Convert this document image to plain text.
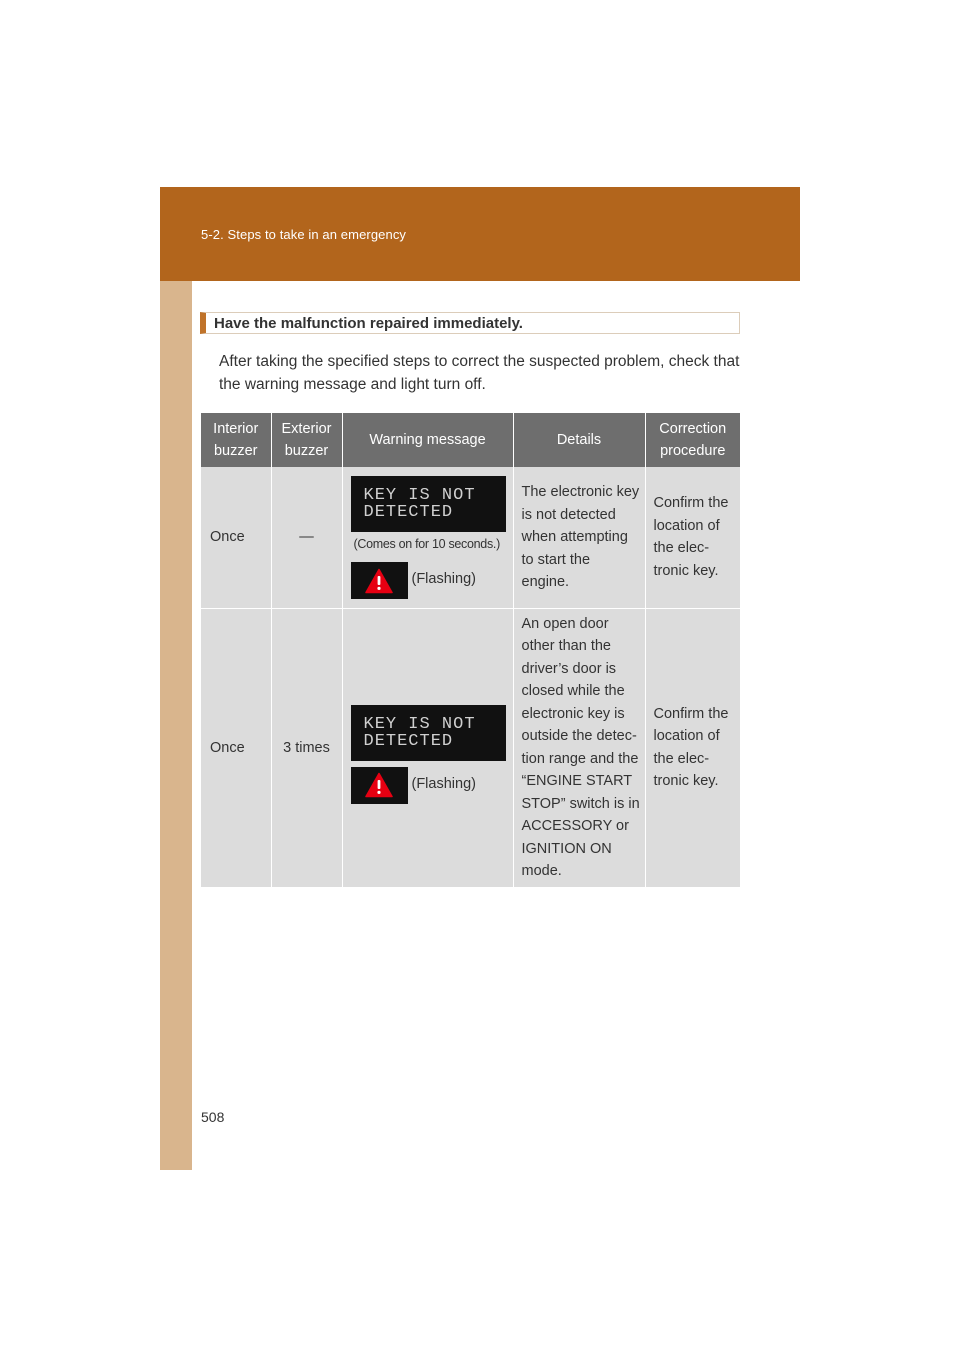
5-2. Steps to take in an emergency
Have the malfunction repaired immediately.
After taking the specified steps to correct the suspected problem, check that the warning message and light turn off.
Interior buzzer	Exterior buzzer	Warning message	Details	Correction procedure
Once	—	KEY IS NOT
DETECTED
(Comes on for 10 seconds.)
(Flashing)	The electronic key is not detected when attempting to start the engine.	Confirm the location of the elec- tronic key.
Once	3 times	KEY IS NOT
DETECTED
(Flashing)	An open door other than the driver’s door is closed while the electronic key is outside the detec- tion range and the “ENGINE START STOP” switch is in ACCESSORY or IGNITION ON mode.	Confirm the location of the elec- tronic key.
508
